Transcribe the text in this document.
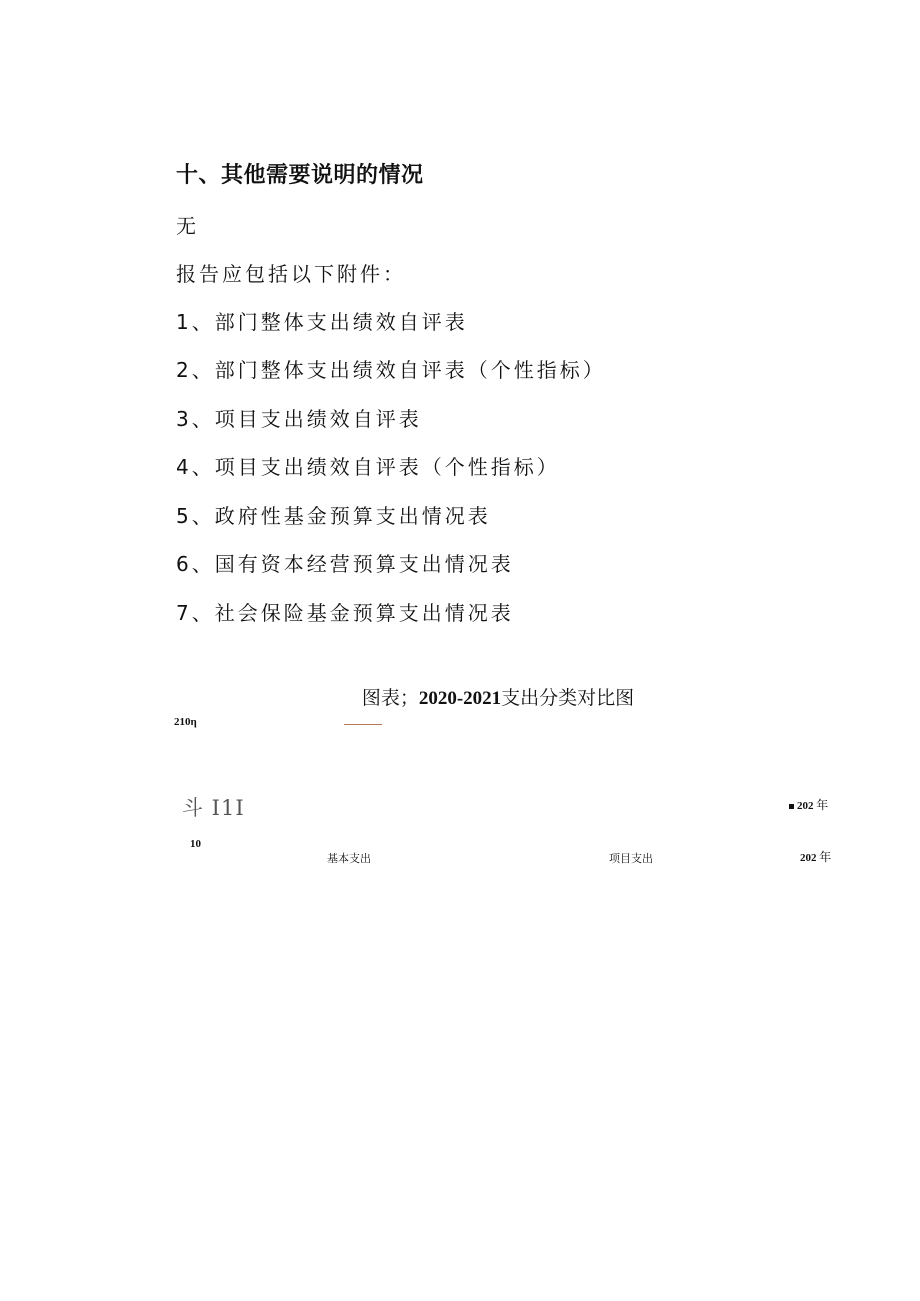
十、其他需要说明的情况
无
报告应包括以下附件：
1、部门整体支出绩效自评表
2、部门整体支出绩效自评表（个性指标）
3、项目支出绩效自评表
4、项目支出绩效自评表（个性指标）
5、政府性基金预算支出情况表
6、国有资本经营预算支出情况表
7、社会保险基金预算支出情况表
图表；2020-2021支出分类对比图
210η
斗 I1I
10
基本支出	项目支出
202 年
202 年
